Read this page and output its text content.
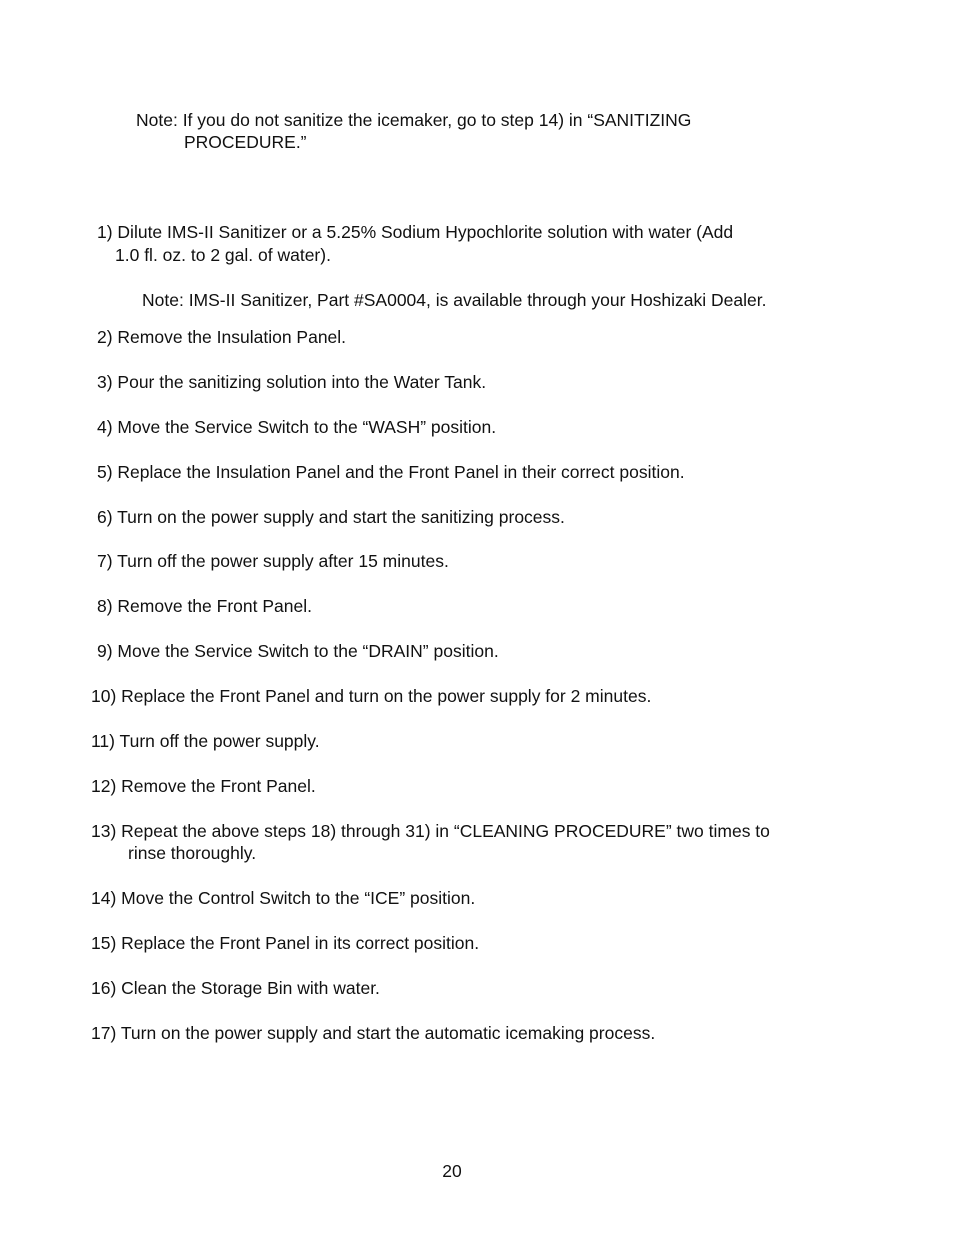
Note: If you do not sanitize the icemaker, go to step 14) in “SANITIZING
PROCEDURE.”
1) Dilute IMS-II Sanitizer or a 5.25% Sodium Hypochlorite solution with water (Add
1.0 fl. oz. to 2 gal. of water).
Note: IMS-II Sanitizer, Part #SA0004, is available through your Hoshizaki Dealer.
2) Remove the Insulation Panel.
3) Pour the sanitizing solution into the Water Tank.
4) Move the Service Switch to the “WASH” position.
5) Replace the Insulation Panel and the Front Panel in their correct position.
6) Turn on the power supply and start the sanitizing process.
7) Turn off the power supply after 15 minutes.
8) Remove the Front Panel.
9) Move the Service Switch to the “DRAIN” position.
10) Replace the Front Panel and turn on the power supply for 2 minutes.
11) Turn off the power supply.
12) Remove the Front Panel.
13) Repeat the above steps 18) through 31) in “CLEANING PROCEDURE” two times to
rinse thoroughly.
14) Move the Control Switch to the “ICE” position.
15) Replace the Front Panel in its correct position.
16) Clean the Storage Bin with water.
17) Turn on the power supply and start the automatic icemaking process.
20
